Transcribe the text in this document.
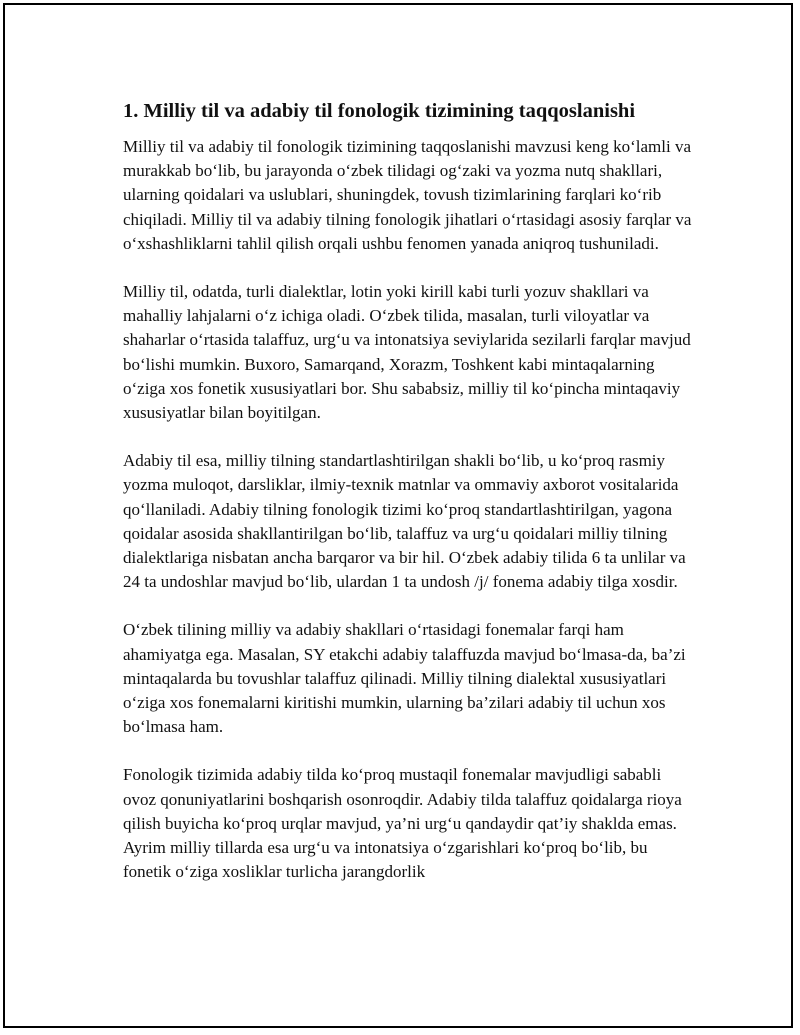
1. Milliy til va adabiy til fonologik tizimining taqqoslanishi

Milliy til va adabiy til fonologik tizimining taqqoslanishi mavzusi keng ko‘lamli va murakkab bo‘lib, bu jarayonda o‘zbek tilidagi og‘zaki va yozma nutq shakllari, ularning qoidalari va uslublari, shuningdek, tovush tizimlarining farqlari ko‘rib chiqiladi. Milliy til va adabiy tilning fonologik jihatlari o‘rtasidagi asosiy farqlar va o‘xshashliklarni tahlil qilish orqali ushbu fenomen yanada aniqroq tushuniladi.

Milliy til, odatda, turli dialektlar, lotin yoki kirill kabi turli yozuv shakllari va mahalliy lahjalarni o‘z ichiga oladi. O‘zbek tilida, masalan, turli viloyatlar va shaharlar o‘rtasida talaffuz, urg‘u va intonatsiya seviylarida sezilarli farqlar mavjud bo‘lishi mumkin. Buxoro, Samarqand, Xorazm, Toshkent kabi mintaqalarning o‘ziga xos fonetik xususiyatlari bor. Shu sababsiz, milliy til ko‘pincha mintaqaviy xususiyatlar bilan boyitilgan.

Adabiy til esa, milliy tilning standartlashtirilgan shakli bo‘lib, u ko‘proq rasmiy yozma muloqot, darsliklar, ilmiy-texnik matnlar va ommaviy axborot vositalarida qo‘llaniladi. Adabiy tilning fonologik tizimi ko‘proq standartlashtirilgan, yagona qoidalar asosida shakllantirilgan bo‘lib, talaffuz va urg‘u qoidalari milliy tilning dialektlariga nisbatan ancha barqaror va bir hil. O‘zbek adabiy tilida 6 ta unlilar va 24 ta undoshlar mavjud bo‘lib, ulardan 1 ta undosh /j/ fonema adabiy tilga xosdir.

O‘zbek tilining milliy va adabiy shakllari o‘rtasidagi fonemalar farqi ham ahamiyatga ega. Masalan, SY etakchi adabiy talaffuzda mavjud bo‘lmasa-da, ba’zi mintaqalarda bu tovushlar talaffuz qilinadi. Milliy tilning dialektal xususiyatlari o‘ziga xos fonemalarni kiritishi mumkin, ularning ba’zilari adabiy til uchun xos bo‘lmasa ham.

Fonologik tizimida adabiy tilda ko‘proq mustaqil fonemalar mavjudligi sababli ovoz qonuniyatlarini boshqarish osonroqdir. Adabiy tilda talaffuz qoidalarga rioya qilish buyicha ko‘proq urqlar mavjud, ya’ni urg‘u qandaydir qat’iy shaklda emas. Ayrim milliy tillarda esa urg‘u va intonatsiya o‘zgarishlari ko‘proq bo‘lib, bu fonetik o‘ziga xosliklar turlicha jarangdorlik
